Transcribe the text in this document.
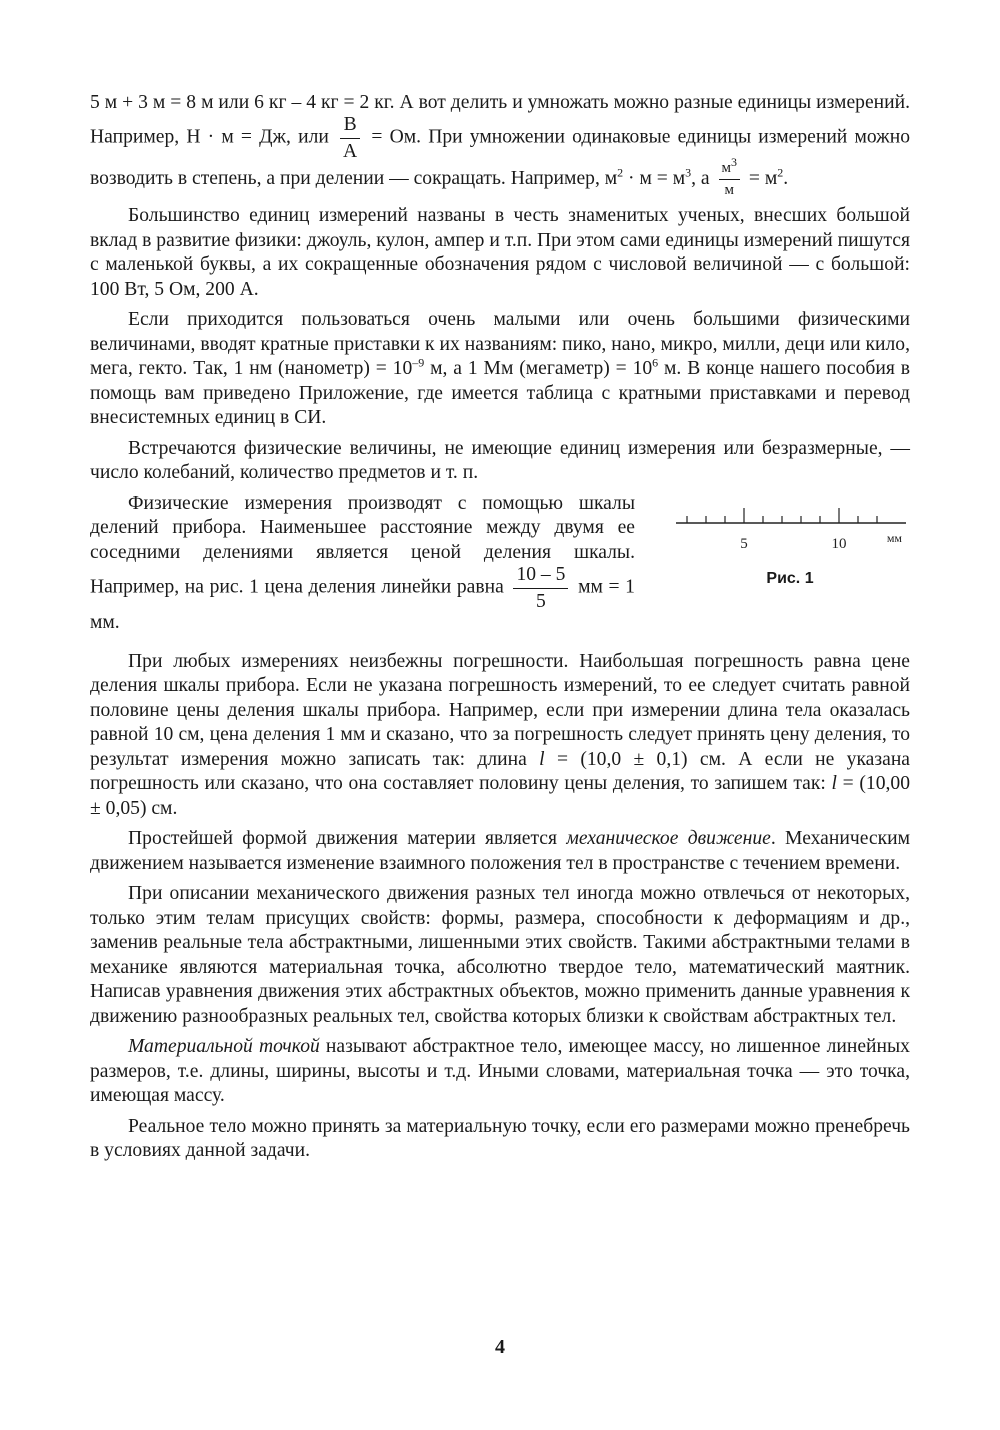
5 м + 3 м = 8 м или 6 кг – 4 кг = 2 кг. А вот делить и умножать можно разные единицы измерений. Например, Н · м = Дж, или $\frac{В}{А}$ = Ом. При умножении одинаковые единицы измерений можно возводить в степень, а при делении — сокращать. Например, $м^2 \cdot м = м^3$, а $\frac{м^3}{м} = м^2$.

Большинство единиц измерений названы в честь знаменитых ученых, внесших большой вклад в развитие физики: джоуль, кулон, ампер и т.п. При этом сами единицы измерений пишутся с маленькой буквы, а их сокращенные обозначения рядом с числовой величиной — с большой: 100 Вт, 5 Ом, 200 А.

Если приходится пользоваться очень малыми или очень большими физическими величинами, вводят кратные приставки к их названиям: пико, нано, микро, милли, деци или кило, мега, гекто. Так, 1 нм (нанометр) = $10^{-9}$ м, а 1 Мм (мегаметр) = $10^6$ м. В конце нашего пособия в помощь вам приведено Приложение, где имеется таблица с кратными приставками и перевод внесистемных единиц в СИ.

Встречаются физические величины, не имеющие единиц измерения или безразмерные, — число колебаний, количество предметов и т. п.

Физические измерения производят с помощью шкалы делений прибора. Наименьшее расстояние между двумя ее соседними делениями является ценой деления шкалы. Например, на рис. 1 цена деления линейки равна $\frac{10 - 5}{5}$ мм = 1 мм.
5	10	мм
Рис. 1

При любых измерениях неизбежны погрешности. Наибольшая погрешность равна цене деления шкалы прибора. Если не указана погрешность измерений, то ее следует считать равной половине цены деления шкалы прибора. Например, если при измерении длина тела оказалась равной 10 см, цена деления 1 мм и сказано, что за погрешность следует принять цену деления, то результат измерения можно записать так: длина l = (10,0 ± 0,1) см. А если не указана погрешность или сказано, что она составляет половину цены деления, то запишем так: l = (10,00 ± 0,05) см.

Простейшей формой движения материи является механическое движение. Механическим движением называется изменение взаимного положения тел в пространстве с течением времени.

При описании механического движения разных тел иногда можно отвлечься от некоторых, только этим телам присущих свойств: формы, размера, способности к деформациям и др., заменив реальные тела абстрактными, лишенными этих свойств. Такими абстрактными телами в механике являются материальная точка, абсолютно твердое тело, математический маятник. Написав уравнения движения этих абстрактных объектов, можно применить данные уравнения к движению разнообразных реальных тел, свойства которых близки к свойствам абстрактных тел.

Материальной точкой называют абстрактное тело, имеющее массу, но лишенное линейных размеров, т.е. длины, ширины, высоты и т.д. Иными словами, материальная точка — это точка, имеющая массу.

Реальное тело можно принять за материальную точку, если его размерами можно пренебречь в условиях данной задачи.

4
